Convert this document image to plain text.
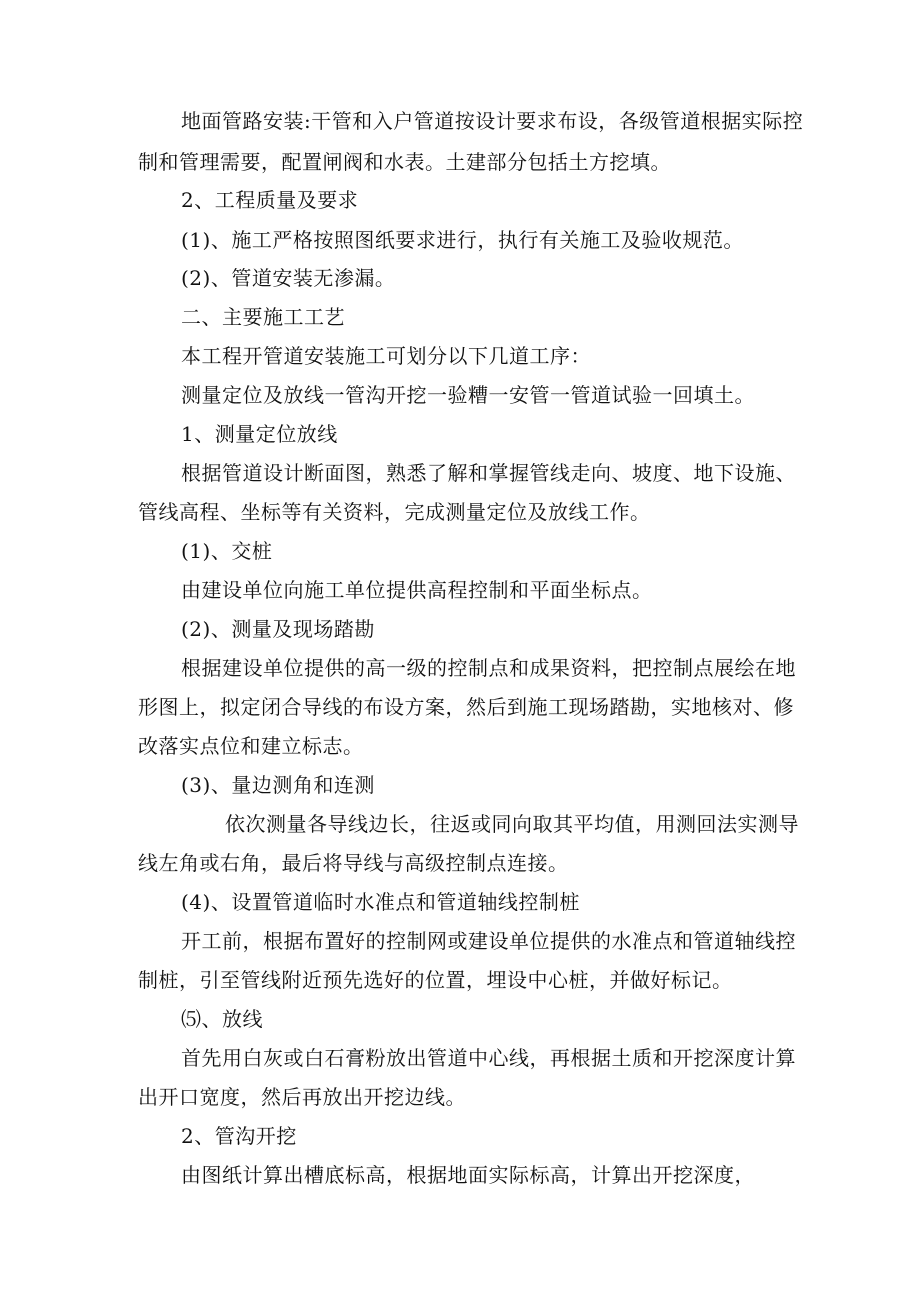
地面管路安装:干管和入户管道按设计要求布设，各级管道根据实际控
制和管理需要，配置闸阀和水表。土建部分包括土方挖填。
2、工程质量及要求
(1)、施工严格按照图纸要求进行，执行有关施工及验收规范。
(2)、管道安装无渗漏。
二、主要施工工艺
本工程开管道安装施工可划分以下几道工序：
测量定位及放线一管沟开挖一验糟一安管一管道试验一回填土。
1、测量定位放线
根据管道设计断面图，熟悉了解和掌握管线走向、坡度、地下设施、
管线高程、坐标等有关资料，完成测量定位及放线工作。
(1)、交桩
由建设单位向施工单位提供高程控制和平面坐标点。
(2)、测量及现场踏勘
根据建设单位提供的高一级的控制点和成果资料，把控制点展绘在地
形图上，拟定闭合导线的布设方案，然后到施工现场踏勘，实地核对、修
改落实点位和建立标志。
(3)、量边测角和连测
依次测量各导线边长，往返或同向取其平均值，用测回法实测导
线左角或右角，最后将导线与高级控制点连接。
(4)、设置管道临时水准点和管道轴线控制桩
开工前，根据布置好的控制网或建设单位提供的水准点和管道轴线控
制桩，引至管线附近预先选好的位置，埋设中心桩，并做好标记。
⑸、放线
首先用白灰或白石膏粉放出管道中心线，再根据土质和开挖深度计算
出开口宽度，然后再放出开挖边线。
2、管沟开挖
由图纸计算出槽底标高，根据地面实际标高，计算出开挖深度，
